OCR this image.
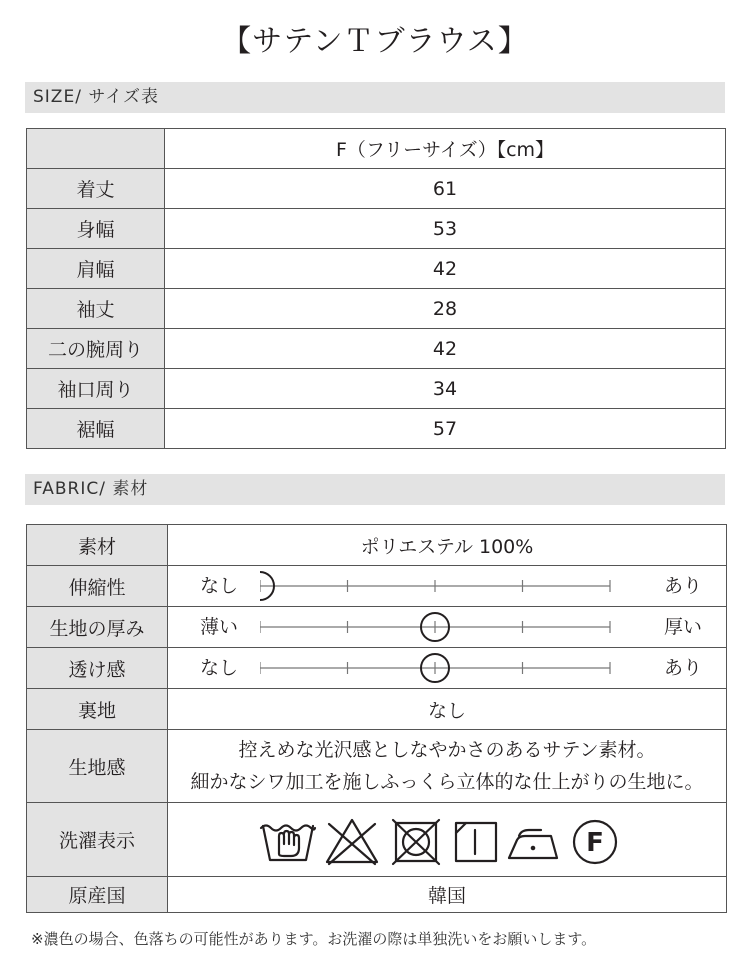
【サテンＴブラウス】
SIZE/ サイズ表
	F（フリーサイズ）【cm】
着丈	61
身幅	53
肩幅	42
袖丈	28
二の腕周り	42
袖口周り	34
裾幅	57
FABRIC/ 素材
素材	ポリエステル 100%
伸縮性	なし あり

生地の厚み	薄い 厚い

透け感	なし あり

裏地	なし
生地感	控えめな光沢感としなやかさのあるサテン素材。
細かなシワ加工を施しふっくら立体的な仕上がりの生地に。

洗濯表示	F

原産国	韓国
※濃色の場合、色落ちの可能性があります。お洗濯の際は単独洗いをお願いします。
